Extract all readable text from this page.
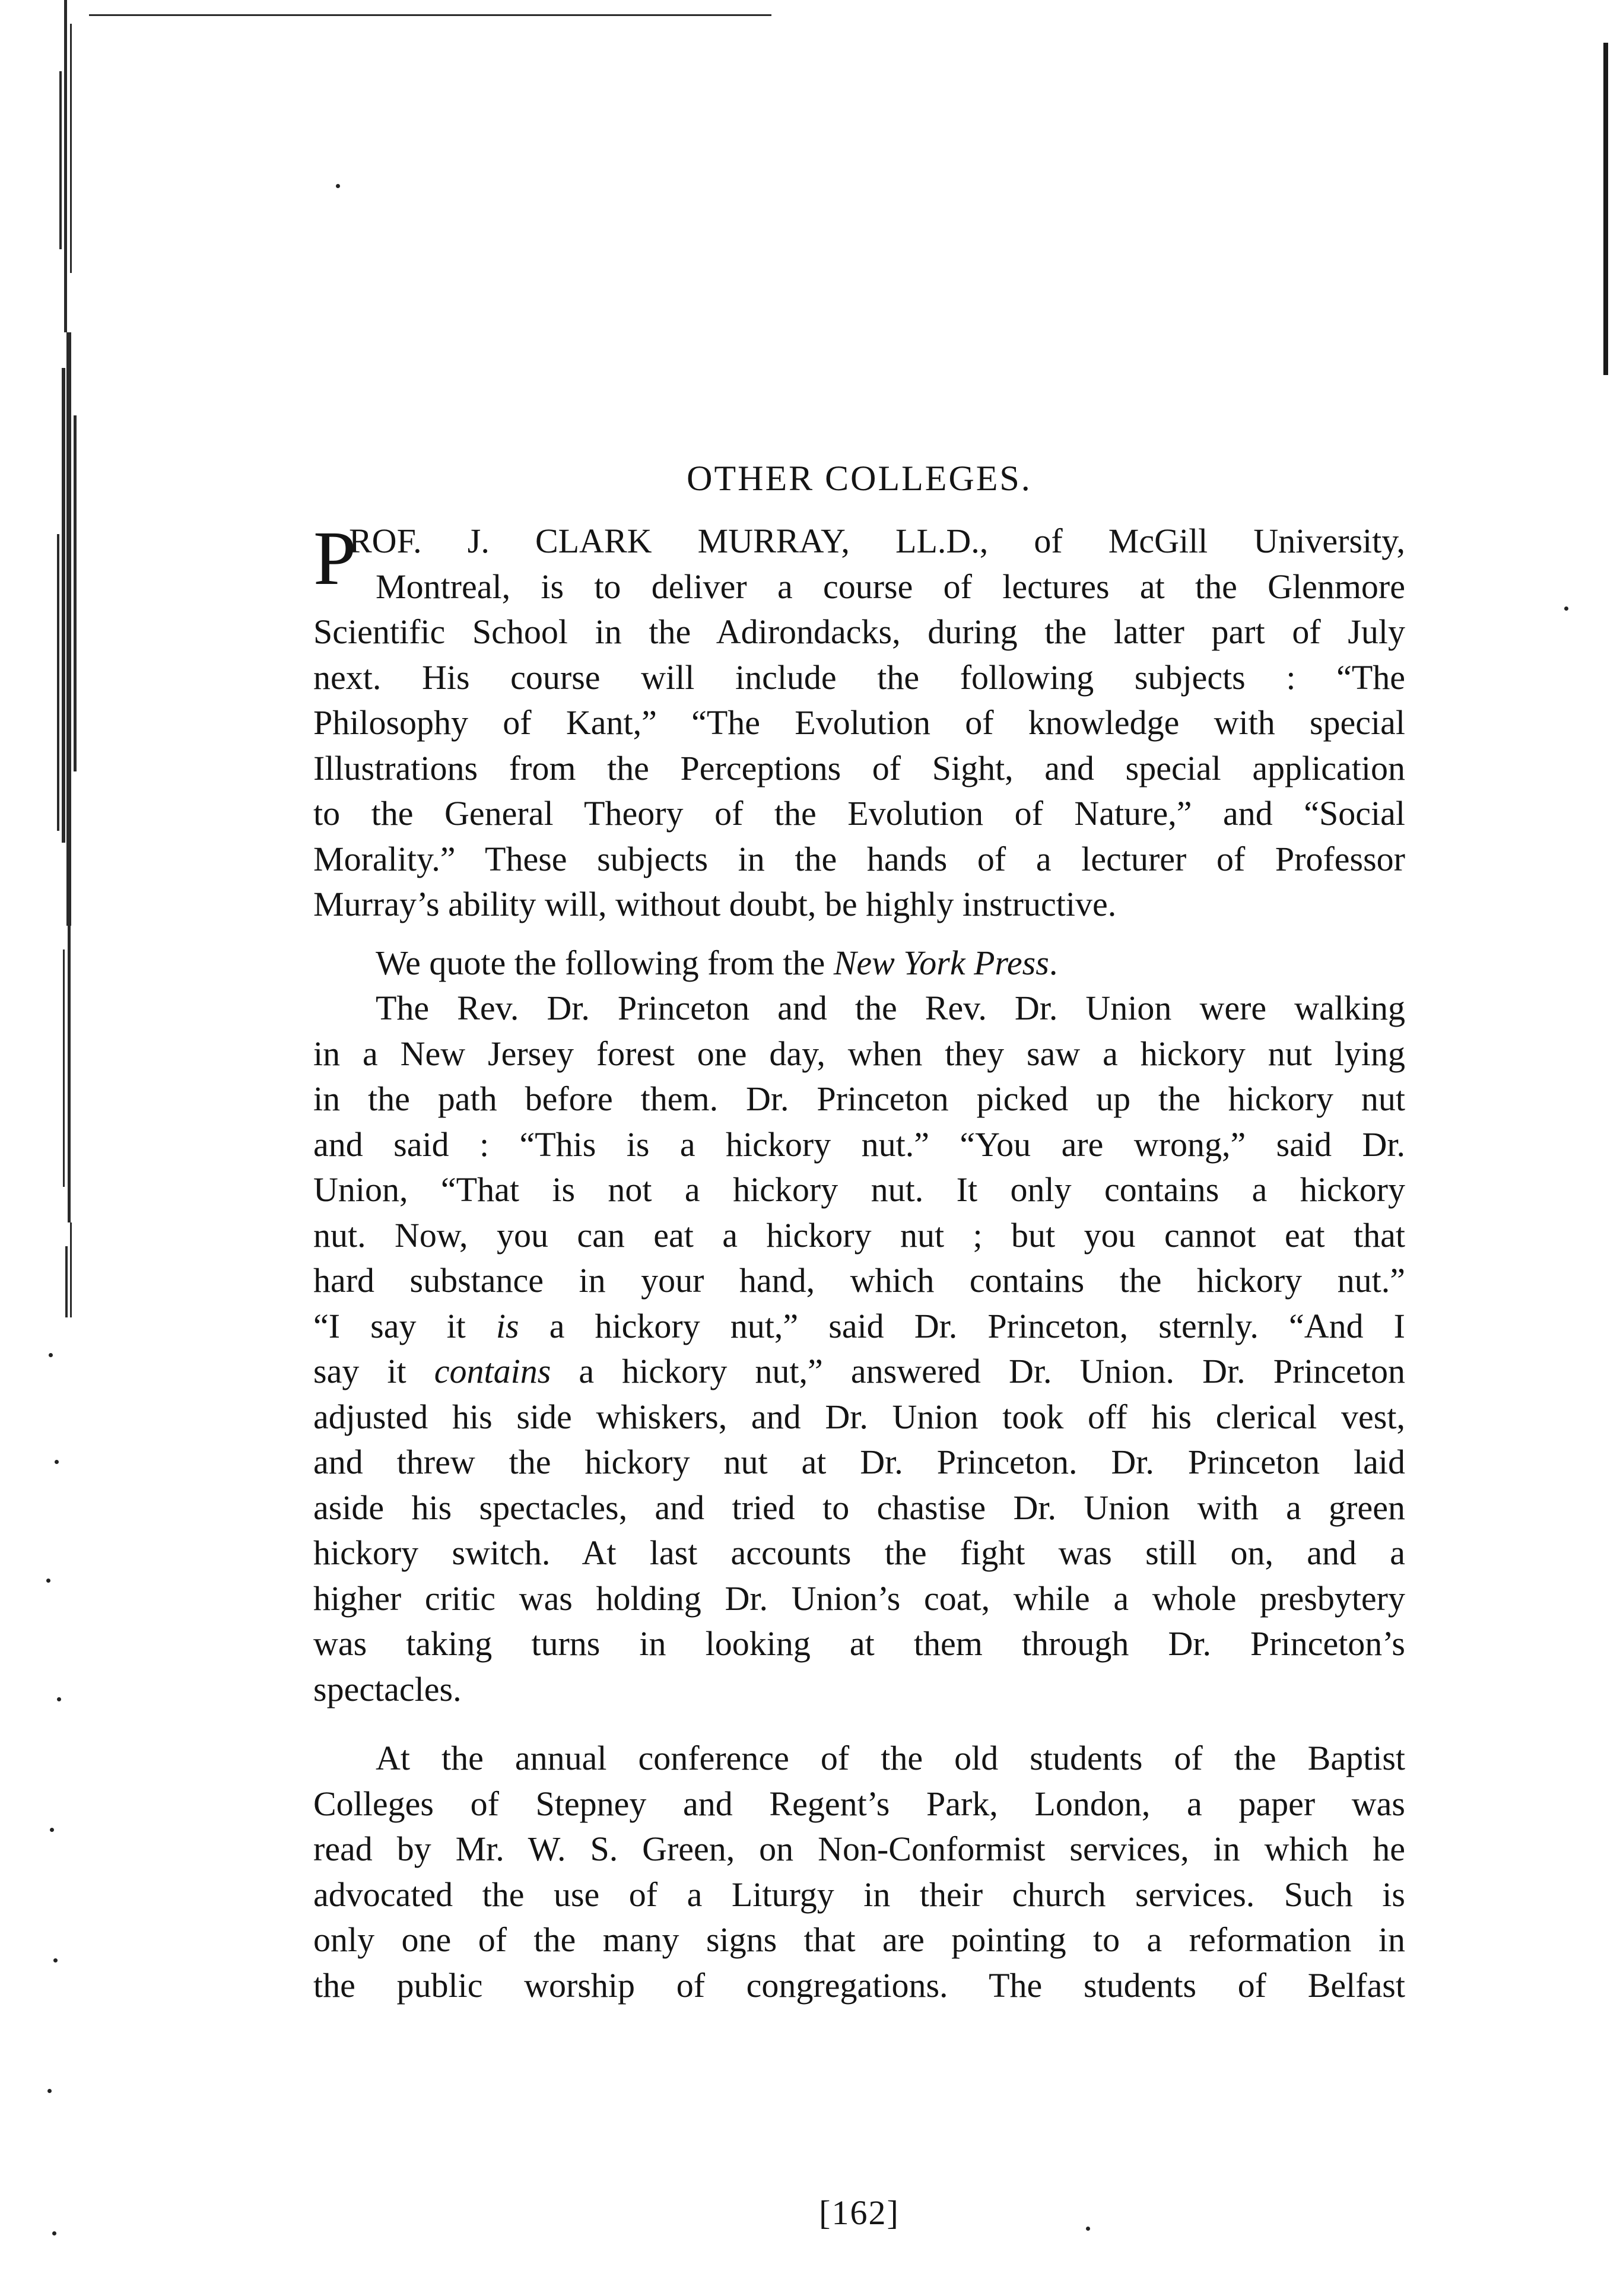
OTHER COLLEGES.
P
ROF. J. CLARK MURRAY, LL.D., of McGill University,
Montreal, is to deliver a course of lectures at the Glenmore
Scientific School in the Adirondacks, during the latter part of July
next. His course will include the following subjects : “The
Philosophy of Kant,” “The Evolution of knowledge with special
Illustrations from the Perceptions of Sight, and special application
to the General Theory of the Evolution of Nature,” and “Social
Morality.” These subjects in the hands of a lecturer of Professor
Murray’s ability will, without doubt, be highly instructive.
We quote the following from the New York Press.
The Rev. Dr. Princeton and the Rev. Dr. Union were walking
in a New Jersey forest one day, when they saw a hickory nut lying
in the path before them. Dr. Princeton picked up the hickory nut
and said : “This is a hickory nut.” “You are wrong,” said Dr.
Union, “That is not a hickory nut. It only contains a hickory
nut. Now, you can eat a hickory nut ; but you cannot eat that
hard substance in your hand, which contains the hickory nut.”
“I say it is a hickory nut,” said Dr. Princeton, sternly. “And I
say it contains a hickory nut,” answered Dr. Union. Dr. Princeton
adjusted his side whiskers, and Dr. Union took off his clerical vest,
and threw the hickory nut at Dr. Princeton. Dr. Princeton laid
aside his spectacles, and tried to chastise Dr. Union with a green
hickory switch. At last accounts the fight was still on, and a
higher critic was holding Dr. Union’s coat, while a whole presbytery
was taking turns in looking at them through Dr. Princeton’s
spectacles.
At the annual conference of the old students of the Baptist
Colleges of Stepney and Regent’s Park, London, a paper was
read by Mr. W. S. Green, on Non-Conformist services, in which he
advocated the use of a Liturgy in their church services. Such is
only one of the many signs that are pointing to a reformation in
the public worship of congregations. The students of Belfast
[162]
